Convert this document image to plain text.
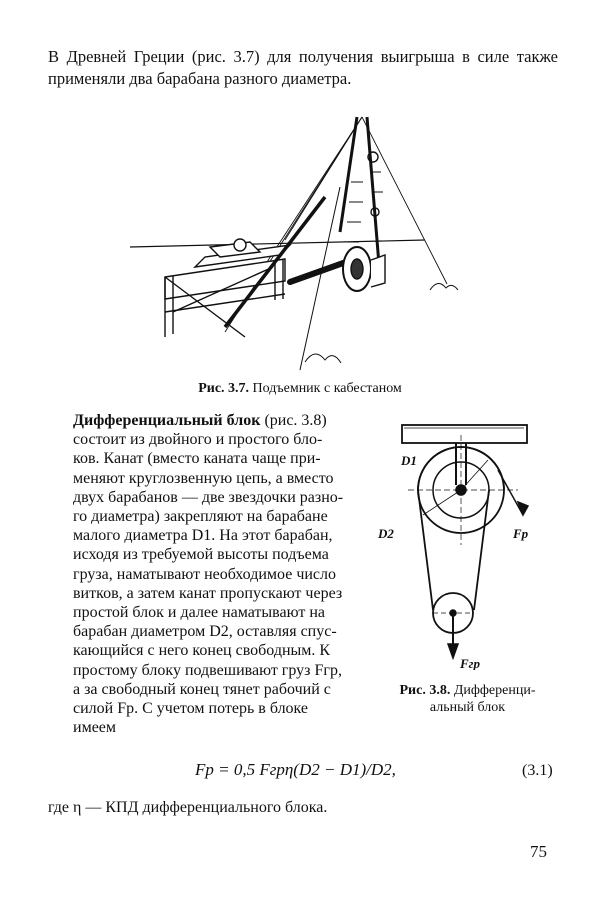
В Древней Греции (рис. 3.7) для получения выигрыша в силе также применяли два барабана разного диаметра.
Рис. 3.7. Подъемник с кабестаном
Дифференциальный блок (рис. 3.8)
состоит из двойного и простого бло-
ков. Канат (вместо каната чаще при-
меняют круглозвенную цепь, а вместо
двух барабанов — две звездочки разно-
го диаметра) закрепляют на барабане
малого диаметра D1. На этот барабан,
исходя из требуемой высоты подъема
груза, наматывают необходимое число
витков, а затем канат пропускают через
простой блок и далее наматывают на
барабан диаметром D2, оставляя спус-
кающийся с него конец свободным. К
простому блоку подвешивают груз Fгр,
а за свободный конец тянет рабочий с
силой Fр. С учетом потерь в блоке
имеем
D1
D2	Fр
Fгр
Рис. 3.8. Дифференци-альный блок
Fр = 0,5 Fгрη(D2 − D1)/D2,	(3.1)
где η — КПД дифференциального блока.
75
